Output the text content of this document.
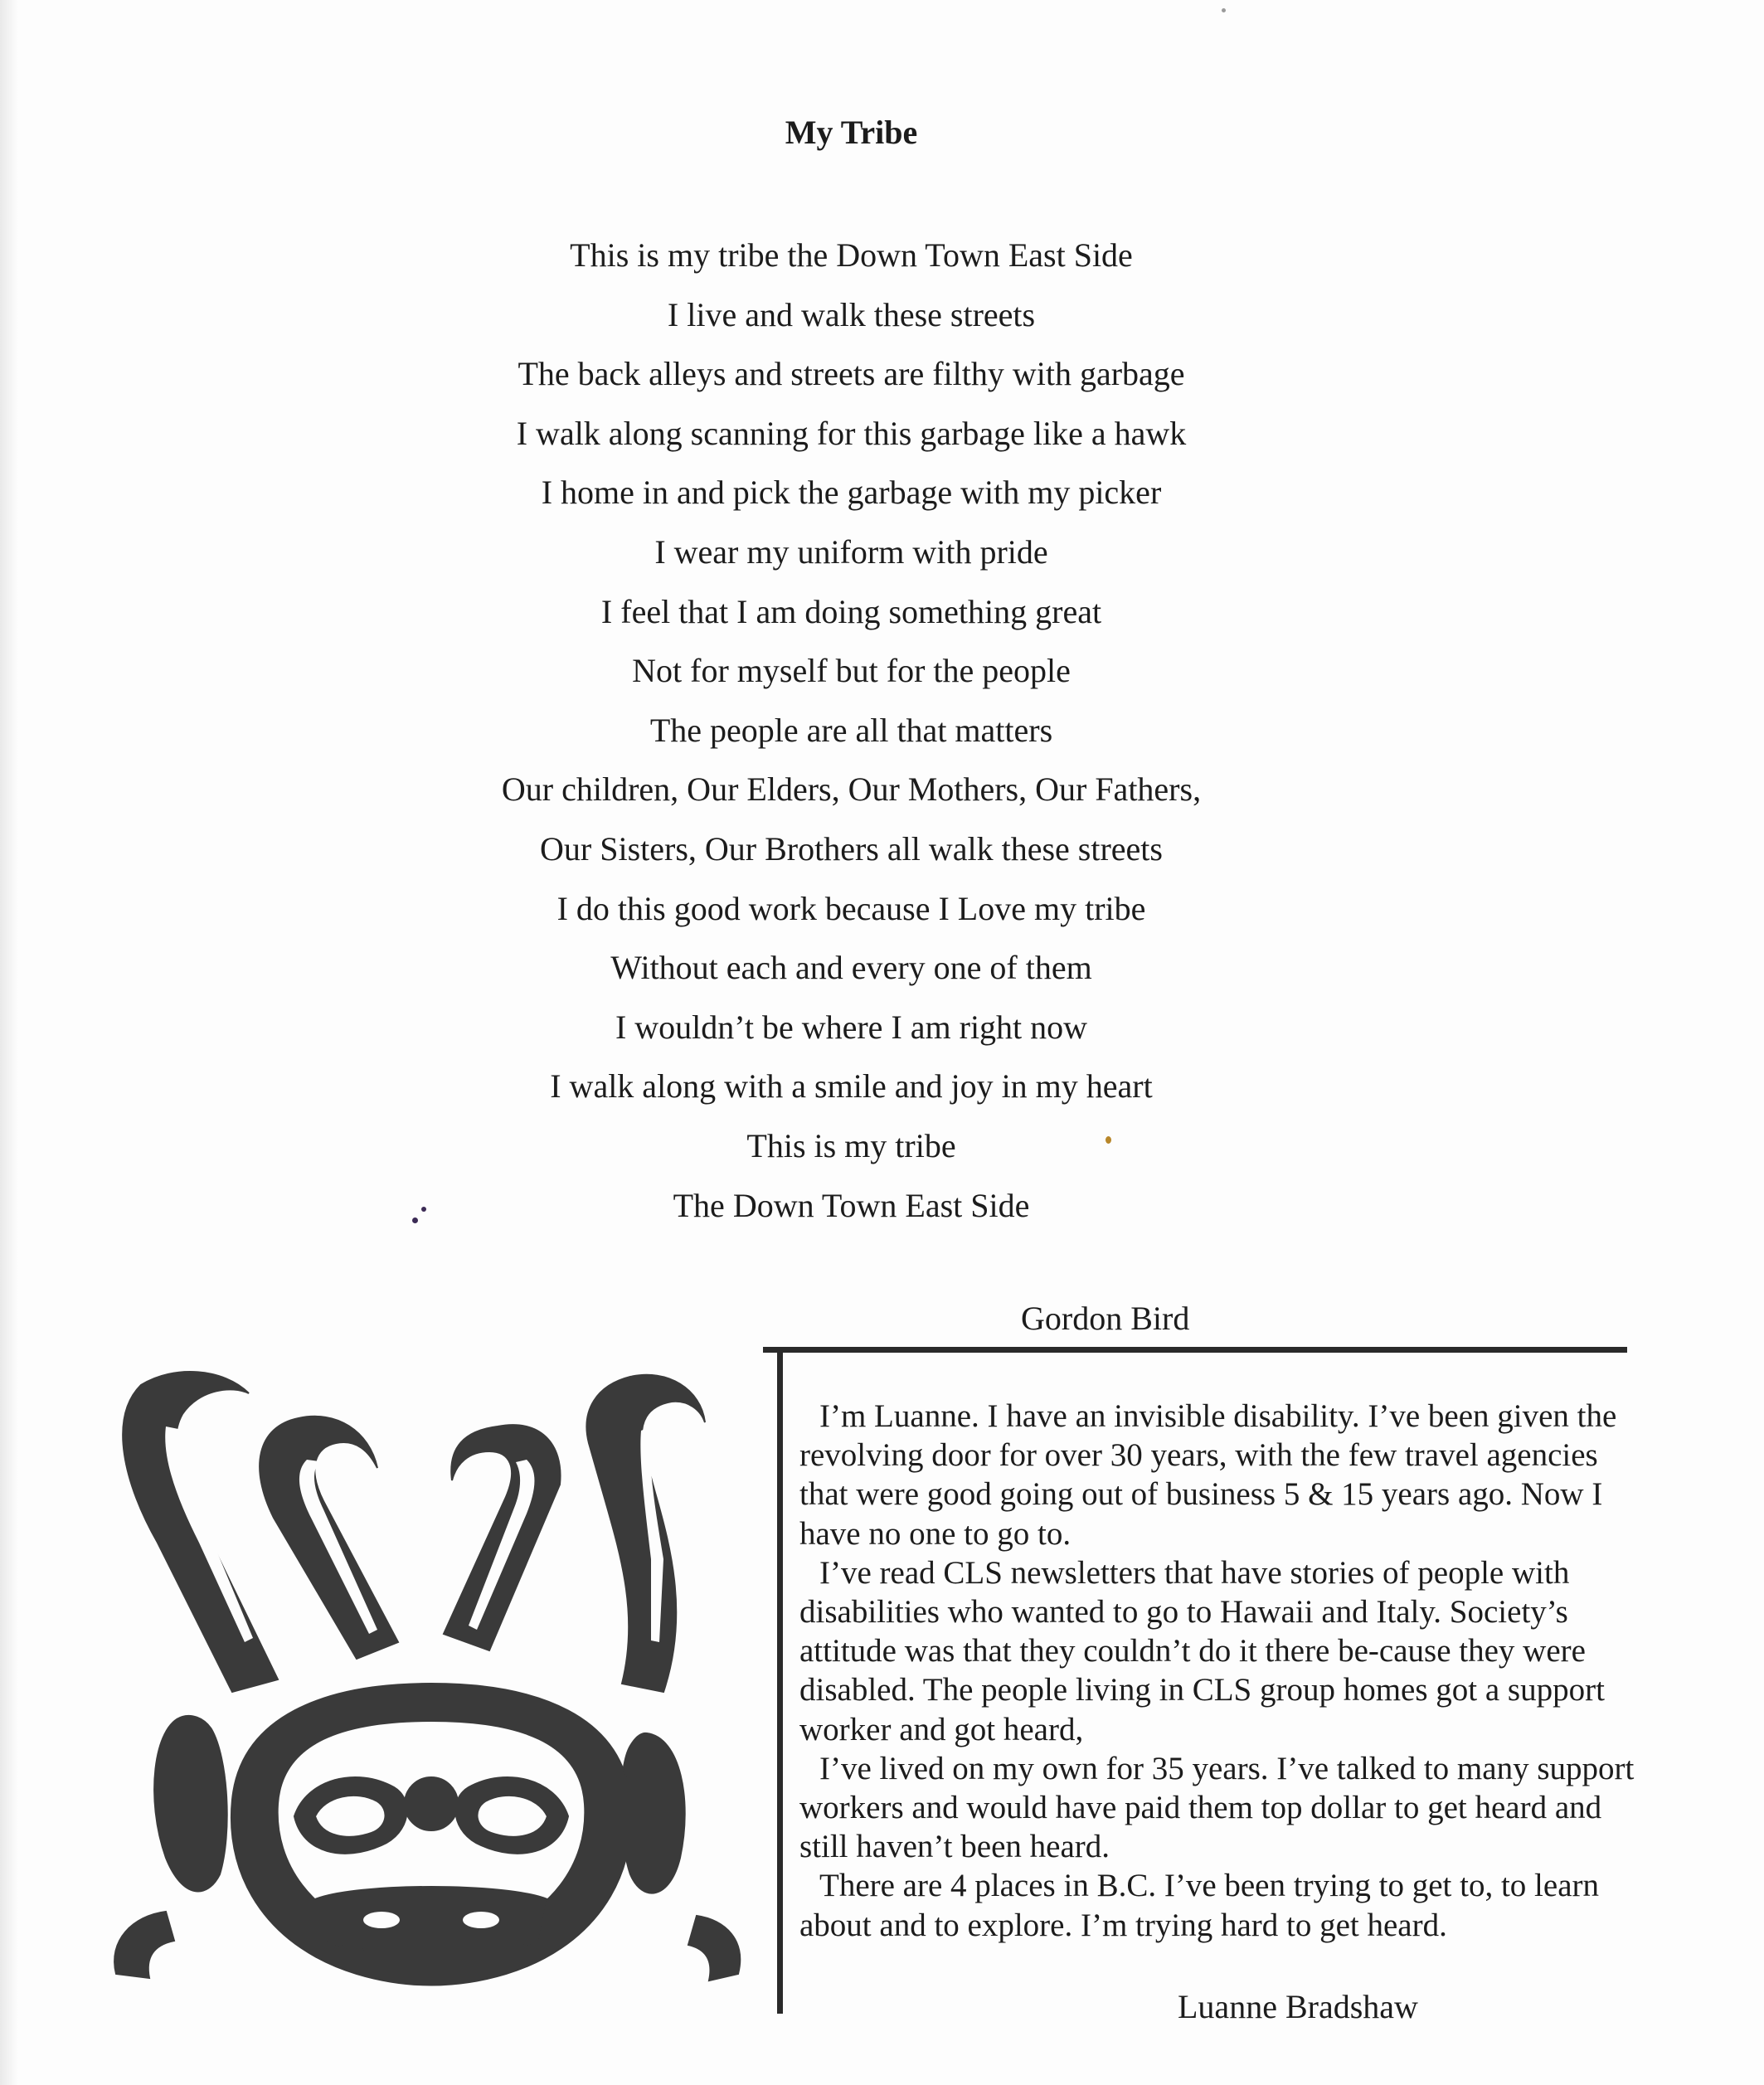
My Tribe
This is my tribe the Down Town East Side
I live and walk these streets
The back alleys and streets are filthy with garbage
I walk along scanning for this garbage like a hawk
I home in and pick the garbage with my picker
I wear my uniform with pride
I feel that I am doing something great
Not for myself but for the people
The people are all that matters
Our children, Our Elders, Our Mothers, Our Fathers,
Our Sisters, Our Brothers all walk these streets
I do this good work because I Love my tribe
Without each and every one of them
I wouldn’t be where I am right now
I walk along with a smile and joy in my heart
This is my tribe
The Down Town East Side
Gordon Bird

I’m Luanne. I have an invisible disability. I’ve been given the revolving door for over 30 years, with the few travel agencies that were good going out of business 5 & 15 years ago. Now I have no one to go to.

I’ve read CLS newsletters that have stories of people with disabilities who wanted to go to Hawaii and Italy. Society’s attitude was that they couldn’t do it there be-cause they were disabled. The people living in CLS group homes got a support worker and got heard,

I’ve lived on my own for 35 years. I’ve talked to many support workers and would have paid them top dollar to get heard and still haven’t been heard.

There are 4 places in B.C. I’ve been trying to get to, to learn about and to explore. I’m trying hard to get heard.

Luanne Bradshaw
